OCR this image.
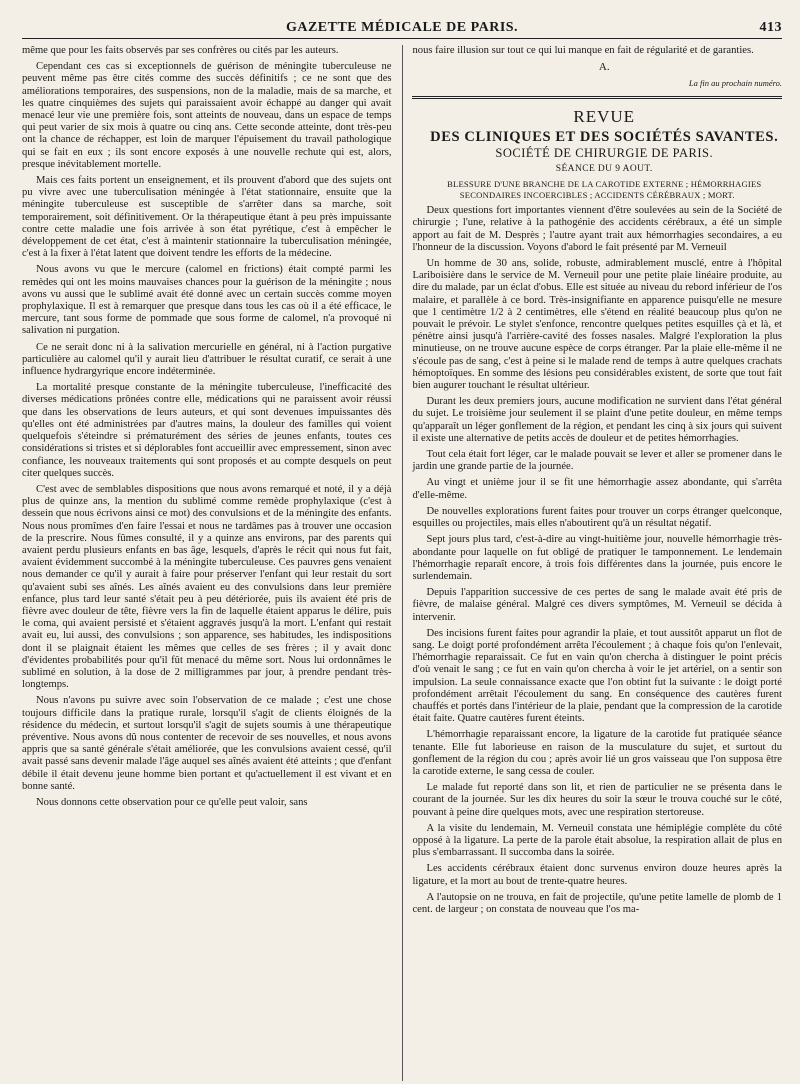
GAZETTE MÉDICALE DE PARIS.	413

même que pour les faits observés par ses confrères ou cités par les auteurs.

Cependant ces cas si exceptionnels de guérison de méningite tuberculeuse ne peuvent même pas être cités comme des succès définitifs ; ce ne sont que des améliorations temporaires, des suspensions, non de la maladie, mais de sa marche, et les quatre cinquièmes des sujets qui paraissaient avoir échappé au danger qui avait menacé leur vie une première fois, sont atteints de nouveau, dans un espace de temps qui peut varier de six mois à quatre ou cinq ans. Cette seconde atteinte, dont très-peu ont la chance de réchapper, est loin de marquer l'épuisement du travail pathologique qui se fait en eux ; ils sont encore exposés à une nouvelle rechute qui est, alors, presque inévitablement mortelle.

Mais ces faits portent un enseignement, et ils prouvent d'abord que des sujets ont pu vivre avec une tuberculisation méningée à l'état stationnaire, ensuite que la méningite tuberculeuse est susceptible de s'arrêter dans sa marche, soit temporairement, soit définitivement. Or la thérapeutique étant à peu près impuissante contre cette maladie une fois arrivée à son état pyrétique, c'est à empêcher le développement de cet état, c'est à maintenir stationnaire la tuberculisation méningée, c'est à la fixer à l'état latent que doivent tendre les efforts de la médecine.

Nous avons vu que le mercure (calomel en frictions) était compté parmi les remèdes qui ont les moins mauvaises chances pour la guérison de la méningite ; nous avons vu aussi que le sublimé avait été donné avec un certain succès comme moyen prophylaxique. Il est à remarquer que presque dans tous les cas où il a été efficace, le mercure, tant sous forme de pommade que sous forme de calomel, n'a provoqué ni salivation ni purgation.

Ce ne serait donc ni à la salivation mercurielle en général, ni à l'action purgative particulière au calomel qu'il y aurait lieu d'attribuer le résultat curatif, ce serait à une influence hydrargyrique encore indéterminée.

La mortalité presque constante de la méningite tuberculeuse, l'inefficacité des diverses médications prônées contre elle, médications qui ne paraissent avoir réussi que dans les observations de leurs auteurs, et qui sont devenues impuissantes dès qu'elles ont été administrées par d'autres mains, la douleur des familles qui voient quelquefois s'éteindre si prématurément des séries de jeunes enfants, toutes ces considérations si tristes et si déplorables font accueillir avec empressement, sinon avec confiance, les nouveaux traitements qui sont proposés et au compte desquels on peut citer quelques succès.

C'est avec de semblables dispositions que nous avons remarqué et noté, il y a déjà plus de quinze ans, la mention du sublimé comme remède prophylaxique (c'est à dessein que nous écrivons ainsi ce mot) des convulsions et de la méningite des enfants. Nous nous promîmes d'en faire l'essai et nous ne tardâmes pas à trouver une occasion de la prescrire. Nous fûmes consulté, il y a quinze ans environs, par des parents qui avaient perdu plusieurs enfants en bas âge, lesquels, d'après le récit qui nous fut fait, avaient évidemment succombé à la méningite tuberculeuse. Ces pauvres gens venaient nous demander ce qu'il y aurait à faire pour préserver l'enfant qui leur restait du sort qu'avaient subi ses aînés. Les aînés avaient eu des convulsions dans leur première enfance, plus tard leur santé s'était peu à peu détériorée, puis ils avaient été pris de fièvre avec douleur de tête, fièvre vers la fin de laquelle étaient apparus le délire, puis le coma, qui avaient persisté et s'étaient aggravés jusqu'à la mort. L'enfant qui restait avait eu, lui aussi, des convulsions ; son apparence, ses habitudes, les indispositions dont il se plaignait étaient les mêmes que celles de ses frères ; il y avait donc d'évidentes probabilités pour qu'il fût menacé du même sort. Nous lui ordonnâmes le sublimé en solution, à la dose de 2 milligrammes par jour, à prendre pendant très-longtemps.

Nous n'avons pu suivre avec soin l'observation de ce malade ; c'est une chose toujours difficile dans la pratique rurale, lorsqu'il s'agit de clients éloignés de la résidence du médecin, et surtout lorsqu'il s'agit de sujets soumis à une thérapeutique préventive. Nous avons dû nous contenter de recevoir de ses nouvelles, et nous avons appris que sa santé générale s'était améliorée, que les convulsions avaient cessé, qu'il avait passé sans devenir malade l'âge auquel ses aînés avaient été atteints ; que d'enfant débile il était devenu jeune homme bien portant et qu'actuellement il est vivant et en bonne santé.

Nous donnons cette observation pour ce qu'elle peut valoir, sans

nous faire illusion sur tout ce qui lui manque en fait de régularité et de garanties.

A.

La fin au prochain numéro.

REVUE

DES CLINIQUES ET DES SOCIÉTÉS SAVANTES.

SOCIÉTÉ DE CHIRURGIE DE PARIS.

SÉANCE DU 9 AOUT.

BLESSURE D'UNE BRANCHE DE LA CAROTIDE EXTERNE ; HÉMORRHAGIES SECONDAIRES INCOERCIBLES ; ACCIDENTS CÉRÉBRAUX ; MORT.

Deux questions fort importantes viennent d'être soulevées au sein de la Société de chirurgie ; l'une, relative à la pathogénie des accidents cérébraux, a été un simple apport au fait de M. Desprès ; l'autre ayant trait aux hémorrhagies secondaires, a eu l'honneur de la discussion. Voyons d'abord le fait présenté par M. Verneuil

Un homme de 30 ans, solide, robuste, admirablement musclé, entre à l'hôpital Lariboisière dans le service de M. Verneuil pour une petite plaie linéaire produite, au dire du malade, par un éclat d'obus. Elle est située au niveau du rebord inférieur de l'os malaire, et parallèle à ce bord. Très-insignifiante en apparence puisqu'elle ne mesure que 1 centimètre 1/2 à 2 centimètres, elle s'étend en réalité beaucoup plus qu'on ne pouvait le prévoir. Le stylet s'enfonce, rencontre quelques petites esquilles çà et là, et pénètre ainsi jusqu'à l'arrière-cavité des fosses nasales. Malgré l'exploration la plus minutieuse, on ne trouve aucune espèce de corps étranger. Par la plaie elle-même il ne s'écoule pas de sang, c'est à peine si le malade rend de temps à autre quelques crachats hémoptoïques. En somme des lésions peu considérables existent, de sorte que tout fait bien augurer touchant le résultat ultérieur.

Durant les deux premiers jours, aucune modification ne survient dans l'état général du sujet. Le troisième jour seulement il se plaint d'une petite douleur, en même temps qu'apparaît un léger gonflement de la région, et pendant les cinq à six jours qui suivent il existe une alternative de petits accès de douleur et de petites hémorrhagies.

Tout cela était fort léger, car le malade pouvait se lever et aller se promener dans le jardin une grande partie de la journée.

Au vingt et unième jour il se fit une hémorrhagie assez abondante, qui s'arrêta d'elle-même.

De nouvelles explorations furent faites pour trouver un corps étranger quelconque, esquilles ou projectiles, mais elles n'aboutirent qu'à un résultat négatif.

Sept jours plus tard, c'est-à-dire au vingt-huitième jour, nouvelle hémorrhagie très-abondante pour laquelle on fut obligé de pratiquer le tamponnement. Le lendemain l'hémorrhagie reparaît encore, à trois fois différentes dans la journée, puis encore le surlendemain.

Depuis l'apparition successive de ces pertes de sang le malade avait été pris de fièvre, de malaise général. Malgré ces divers symptômes, M. Verneuil se décida à intervenir.

Des incisions furent faites pour agrandir la plaie, et tout aussitôt apparut un flot de sang. Le doigt porté profondément arrêta l'écoulement ; à chaque fois qu'on l'enlevait, l'hémorrhagie reparaissait. Ce fut en vain qu'on chercha à distinguer le point précis d'où venait le sang ; ce fut en vain qu'on chercha à voir le jet artériel, on a sentir son impulsion. La seule connaissance exacte que l'on obtint fut la suivante : le doigt porté profondément arrêtait l'écoulement du sang. En conséquence des cautères furent chauffés et portés dans l'intérieur de la plaie, pendant que la compression de la carotide était faite. Quatre cautères furent éteints.

L'hémorrhagie reparaissant encore, la ligature de la carotide fut pratiquée séance tenante. Elle fut laborieuse en raison de la musculature du sujet, et surtout du gonflement de la région du cou ; après avoir lié un gros vaisseau que l'on supposa être la carotide externe, le sang cessa de couler.

Le malade fut reporté dans son lit, et rien de particulier ne se présenta dans le courant de la journée. Sur les dix heures du soir la sœur le trouva couché sur le côté, pouvant à peine dire quelques mots, avec une respiration stertoreuse.

A la visite du lendemain, M. Verneuil constata une hémiplégie complète du côté opposé à la ligature. La perte de la parole était absolue, la respiration allait de plus en plus s'embarrassant. Il succomba dans la soirée.

Les accidents cérébraux étaient donc survenus environ douze heures après la ligature, et la mort au bout de trente-quatre heures.

A l'autopsie on ne trouva, en fait de projectile, qu'une petite lamelle de plomb de 1 cent. de largeur ; on constata de nouveau que l'os ma-
